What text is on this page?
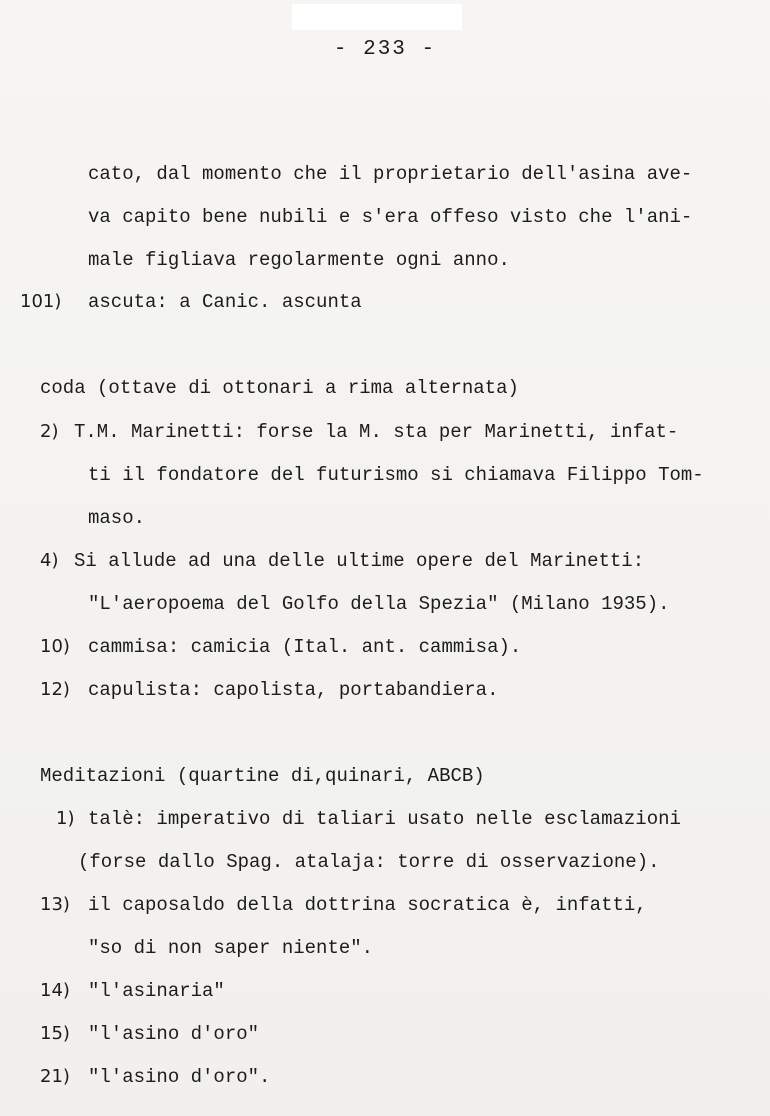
- 233 -
cato, dal momento che il proprietario dell'asina ave-
va capito bene nubili e s'era offeso visto che l'ani-
male figliava regolarmente ogni anno.
101) ascuta: a Canic. ascunta
coda (ottave di ottonari a rima alternata)
2) T.M. Marinetti: forse la M. sta per Marinetti, infat-
ti il fondatore del futurismo si chiamava Filippo Tom-
maso.
4) Si allude ad una delle ultime opere del Marinetti:
"L'aeropoema del Golfo della Spezia" (Milano 1935).
10) cammisa: camicia (Ital. ant. cammisa).
12) capulista: capolista, portabandiera.
Meditazioni (quartine di,quinari, ABCB)
1) talè: imperativo di taliari usato nelle esclamazioni
(forse dallo Spag. atalaja: torre di osservazione).
13) il caposaldo della dottrina socratica è, infatti,
"so di non saper niente".
14) "l'asinaria"
15) "l'asino d'oro"
21) "l'asino d'oro".
